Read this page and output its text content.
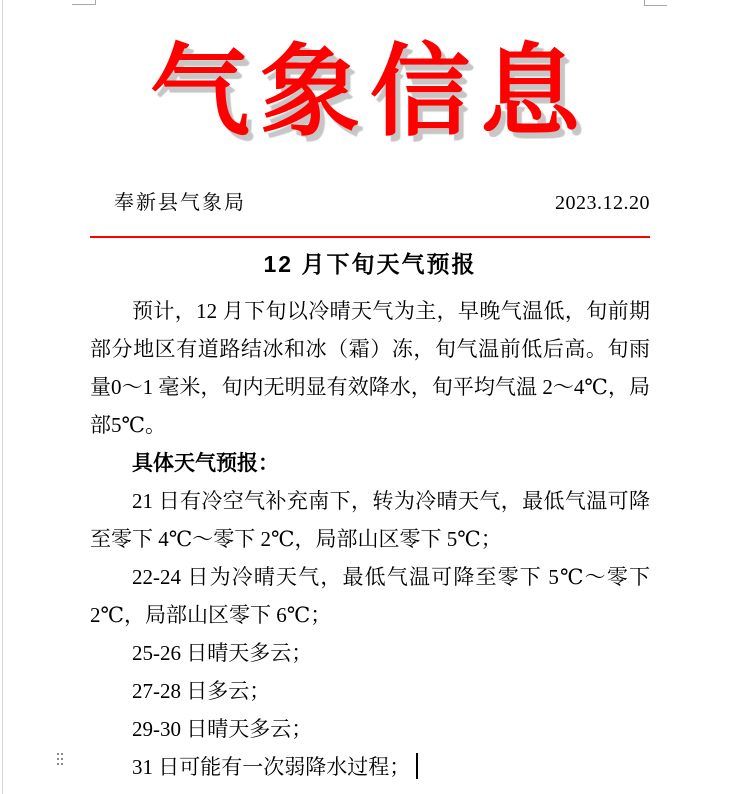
气象信息
奉新县气象局	2023.12.20
12 月下旬天气预报

预计，12 月下旬以冷晴天气为主，早晚气温低，旬前期部分地区有道路结冰和冰（霜）冻，旬气温前低后高。旬雨量0～1 毫米，旬内无明显有效降水，旬平均气温 2～4℃，局部5℃。

具体天气预报：

21 日有冷空气补充南下，转为冷晴天气，最低气温可降至零下 4℃～零下 2℃，局部山区零下 5℃；

22-24 日为冷晴天气，最低气温可降至零下 5℃～零下2℃，局部山区零下 6℃；

25-26 日晴天多云；

27-28 日多云；

29-30 日晴天多云；

31 日可能有一次弱降水过程；
